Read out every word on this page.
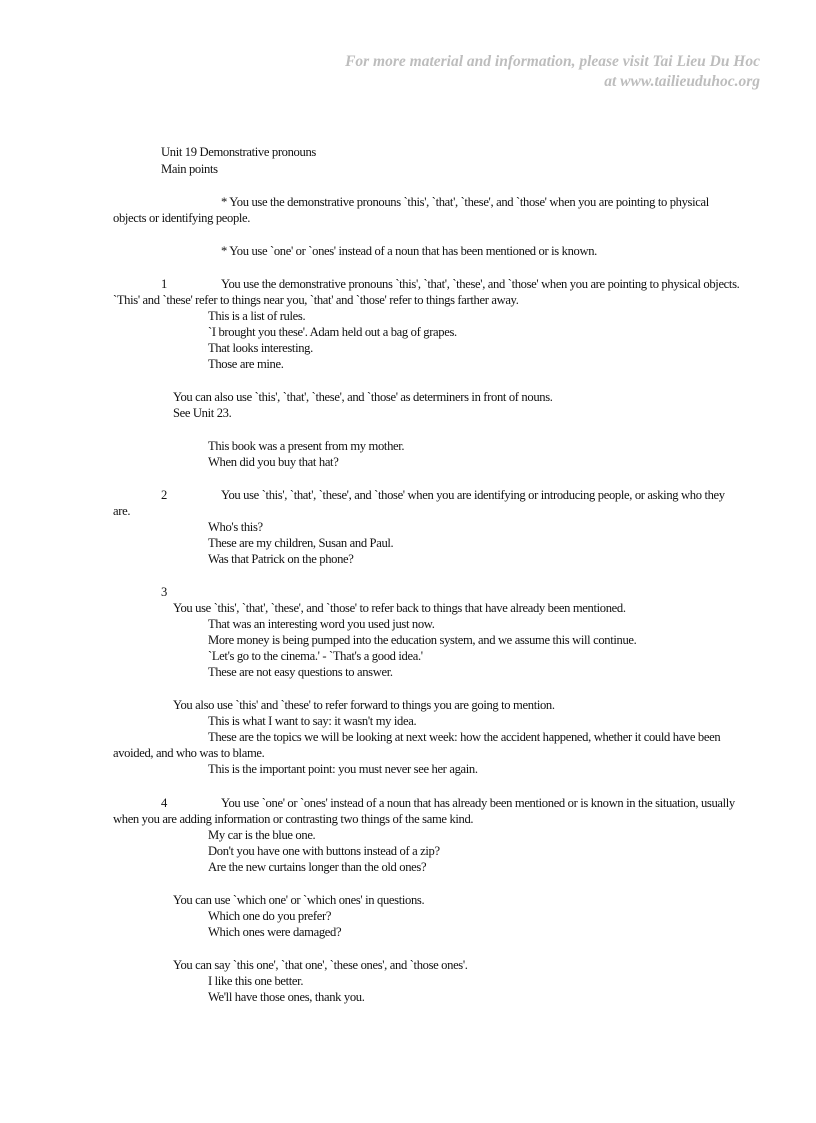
For more material and information, please visit Tai Lieu Du Hoc
at www.tailieuduhoc.org
Unit 19 Demonstrative pronouns
Main points
* You use the demonstrative pronouns `this', `that', `these', and `those' when you are pointing to physical
objects or identifying people.
* You use `one' or `ones' instead of a noun that has been mentioned or is known.
1	You use the demonstrative pronouns `this', `that', `these', and `those' when you are pointing to physical objects.
`This' and `these' refer to things near you, `that' and `those' refer to things farther away.
This is a list of rules.
`I brought you these'. Adam held out a bag of grapes.
That looks interesting.
Those are mine.
You can also use `this', `that', `these', and `those' as determiners in front of nouns.
See Unit 23.
This book was a present from my mother.
When did you buy that hat?
2	You use `this', `that', `these', and `those' when you are identifying or introducing people, or asking who they
are.
Who's this?
These are my children, Susan and Paul.
Was that Patrick on the phone?
3
You use `this', `that', `these', and `those' to refer back to things that have already been mentioned.
That was an interesting word you used just now.
More money is being pumped into the education system, and we assume this will continue.
`Let's go to the cinema.' - `That's a good idea.'
These are not easy questions to answer.
You also use `this' and `these' to refer forward to things you are going to mention.
This is what I want to say: it wasn't my idea.
These are the topics we will be looking at next week: how the accident happened, whether it could have been
avoided, and who was to blame.
This is the important point: you must never see her again.
4	You use `one' or `ones' instead of a noun that has already been mentioned or is known in the situation, usually
when you are adding information or contrasting two things of the same kind.
My car is the blue one.
Don't you have one with buttons instead of a zip?
Are the new curtains longer than the old ones?
You can use `which one' or `which ones' in questions.
Which one do you prefer?
Which ones were damaged?
You can say `this one', `that one', `these ones', and `those ones'.
I like this one better.
We'll have those ones, thank you.
